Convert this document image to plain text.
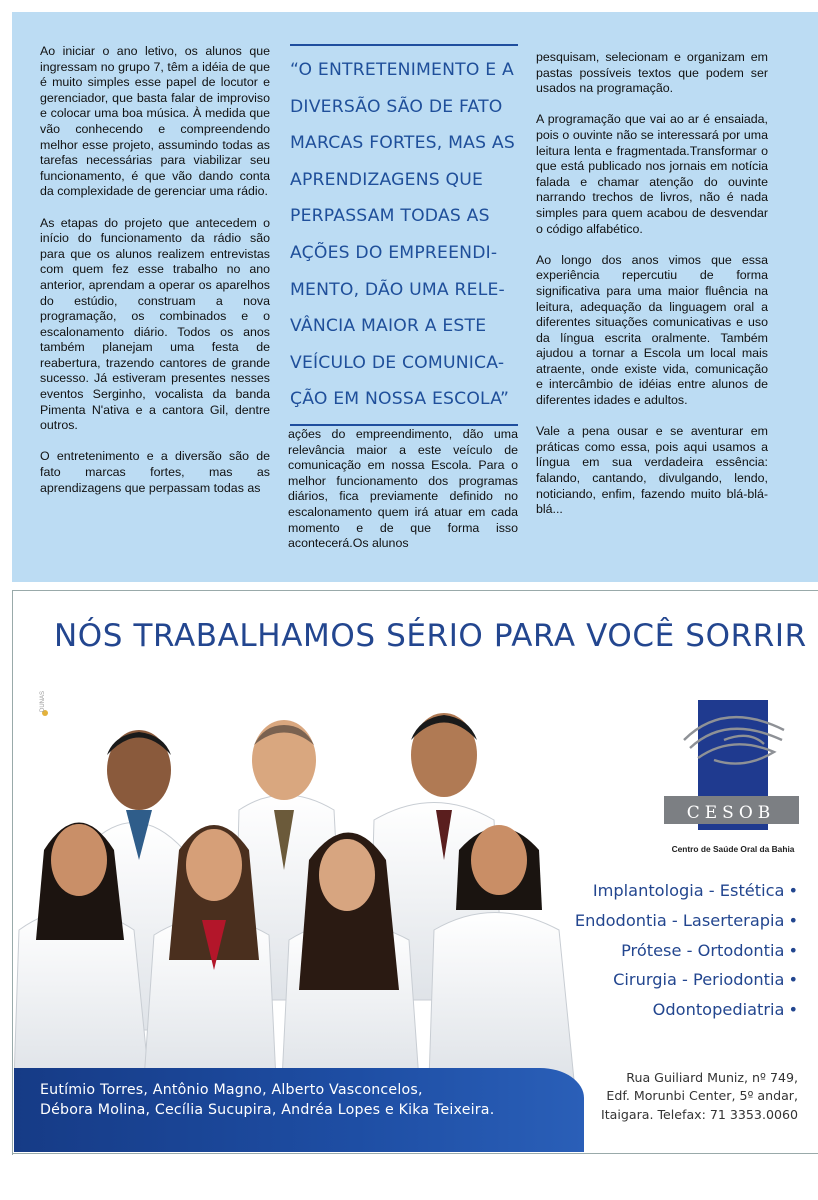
Ao iniciar o ano letivo, os alunos que ingressam no grupo 7, têm a idéia de que é muito simples esse papel de locutor e gerenciador, que basta falar de improviso e colocar uma boa música. À medida que vão conhecendo e compreendendo melhor esse projeto, assumindo todas as tarefas necessárias para viabilizar seu funcionamento, é que vão dando conta da complexidade de gerenciar uma rádio.

As etapas do projeto que antecedem o início do funcionamento da rádio são para que os alunos realizem entrevistas com quem fez esse trabalho no ano anterior, aprendam a operar os aparelhos do estúdio, construam a nova programação, os combinados e o escalonamento diário. Todos os anos também planejam uma festa de reabertura, trazendo cantores de grande sucesso. Já estiveram presentes nesses eventos Serginho, vocalista da banda Pimenta N'ativa e a cantora Gil, dentre outros.

O entretenimento e a diversão são de fato marcas fortes, mas as aprendizagens que perpassam todas as

“O ENTRETENIMENTO E A
DIVERSÃO SÃO DE FATO
MARCAS FORTES, MAS AS
APRENDIZAGENS QUE
PERPASSAM TODAS AS
AÇÕES DO EMPREENDI-
MENTO, DÃO UMA RELE-
VÂNCIA MAIOR A ESTE
VEÍCULO DE COMUNICA-
ÇÃO EM NOSSA ESCOLA”

ações do empreendimento, dão uma relevância maior a este veículo de comunicação em nossa Escola. Para o melhor funcionamento dos programas diários, fica previamente definido no escalonamento quem irá atuar em cada momento e de que forma isso acontecerá.Os alunos

pesquisam, selecionam e organizam em pastas possíveis textos que podem ser usados na programação.

A programação que vai ao ar é ensaiada, pois o ouvinte não se interessará por uma leitura lenta e fragmentada.Transformar o que está publicado nos jornais em notícia falada e chamar atenção do ouvinte narrando trechos de livros, não é nada simples para quem acabou de desvendar o código alfabético.

Ao longo dos anos vimos que essa experiência repercutiu de forma significativa para uma maior fluência na leitura, adequação da linguagem oral a diferentes situações comunicativas e uso da língua escrita oralmente. Também ajudou a tornar a Escola um local mais atraente, onde existe vida, comunicação e intercâmbio de idéias entre alunos de diferentes idades e adultos.

Vale a pena ousar e se aventurar em práticas como essa, pois aqui usamos a língua em sua verdadeira essência: falando, cantando, divulgando, lendo, noticiando, enfim, fazendo muito blá-blá-blá...

NÓS TRABALHAMOS SÉRIO PARA VOCÊ SORRIR
DUNAS
Eutímio Torres, Antônio Magno, Alberto Vasconcelos,
Débora Molina, Cecília Sucupira, Andréa Lopes e Kika Teixeira.
CESOB
Centro de Saúde Oral da Bahia
Implantologia - Estética •
Endodontia - Laserterapia •
Prótese - Ortodontia •
Cirurgia - Periodontia •
Odontopediatria •
Rua Guiliard Muniz, nº 749,
Edf. Morunbi Center, 5º andar,
Itaigara. Telefax: 71 3353.0060
